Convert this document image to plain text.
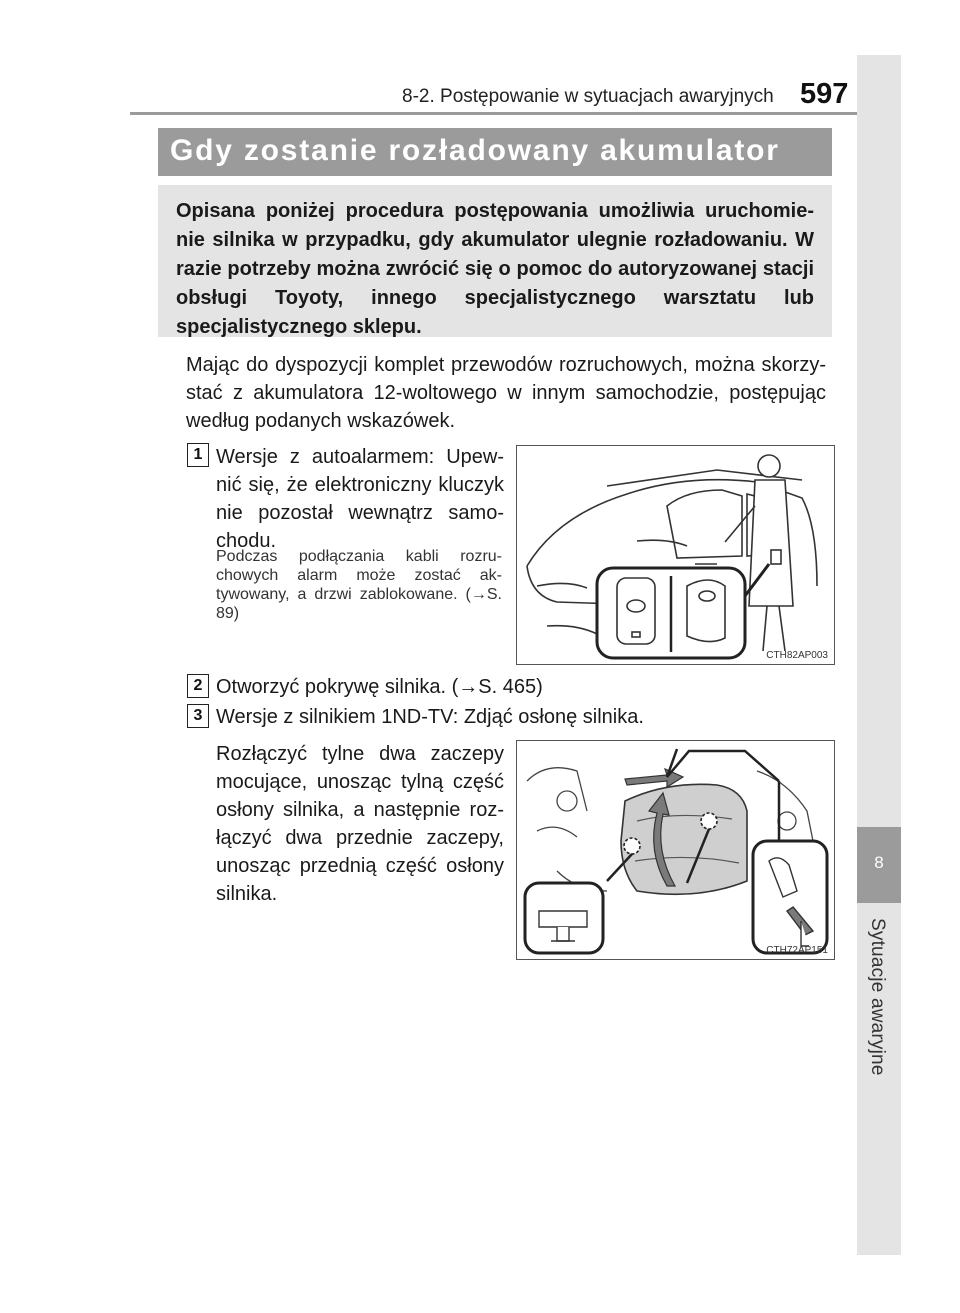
8-2. Postępowanie w sytuacjach awaryjnych 597
8
Sytuacje awaryjne
Gdy zostanie rozładowany akumulator
Opisana poniżej procedura postępowania umożliwia uruchomie-nie silnika w przypadku, gdy akumulator ulegnie rozładowaniu. W razie potrzeby można zwrócić się o pomoc do autoryzowanej stacji obsługi Toyoty, innego specjalistycznego warsztatu lub specjalistycznego sklepu.
Mając do dyspozycji komplet przewodów rozruchowych, można skorzy-stać z akumulatora 12-woltowego w innym samochodzie, postępując według podanych wskazówek.
1 Wersje z autoalarmem: Upew-nić się, że elektroniczny kluczyk nie pozostał wewnątrz samo-chodu.
Podczas podłączania kabli rozru-chowych alarm może zostać ak-tywowany, a drzwi zablokowane. (→S. 89)
CTH82AP003
2 Otworzyć pokrywę silnika. (→S. 465)
3 Wersje z silnikiem 1ND-TV: Zdjąć osłonę silnika.
Rozłączyć tylne dwa zaczepy mocujące, unosząc tylną część osłony silnika, a następnie roz-łączyć dwa przednie zaczepy, unosząc przednią część osłony silnika.
CTH72AP151
